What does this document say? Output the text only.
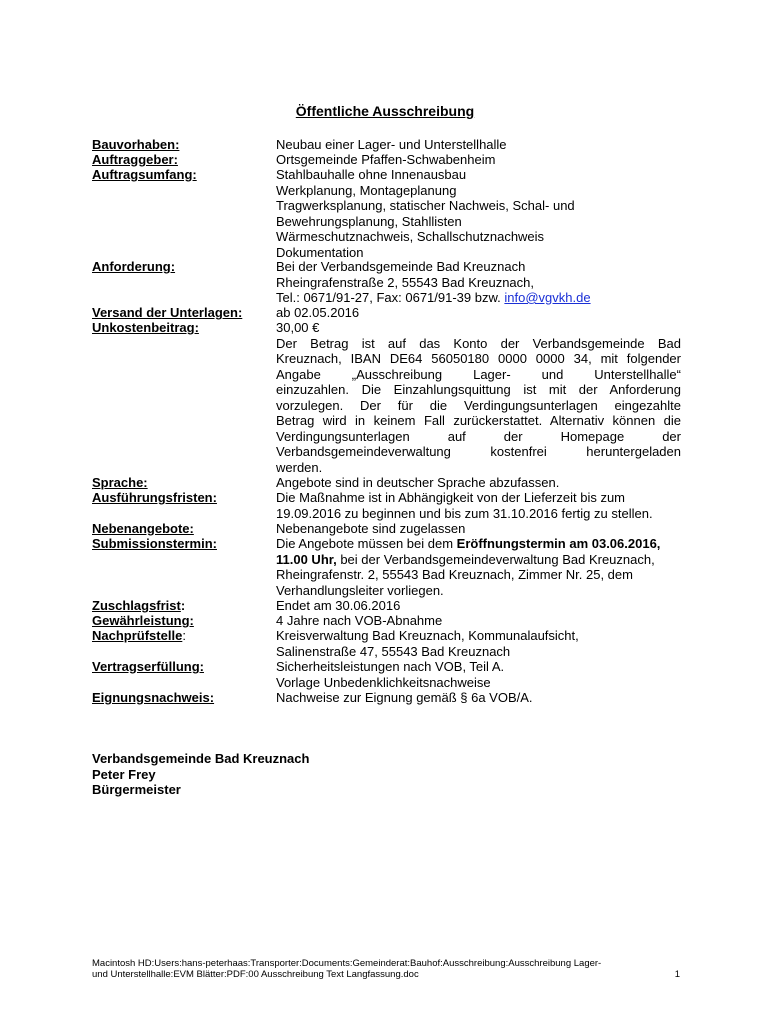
Öffentliche Ausschreibung
Bauvorhaben:	Neubau einer Lager- und Unterstellhalle
Auftraggeber:	Ortsgemeinde Pfaffen-Schwabenheim
Auftragsumfang:	Stahlbauhalle ohne Innenausbau
Werkplanung, Montageplanung
Tragwerksplanung, statischer Nachweis, Schal- und
Bewehrungsplanung, Stahllisten
Wärmeschutznachweis, Schallschutznachweis
Dokumentation
Anforderung:	Bei der Verbandsgemeinde Bad Kreuznach
Rheingrafenstraße 2, 55543 Bad Kreuznach,
Tel.: 0671/91-27, Fax: 0671/91-39 bzw. info@vgvkh.de
Versand der Unterlagen:	ab 02.05.2016
Unkostenbeitrag:	30,00 €
Der Betrag ist auf das Konto der Verbandsgemeinde Bad
Kreuznach, IBAN DE64 56050180 0000 0000 34, mit folgender
Angabe „Ausschreibung Lager- und Unterstellhalle“
einzuzahlen. Die Einzahlungsquittung ist mit der Anforderung
vorzulegen. Der für die Verdingungsunterlagen eingezahlte
Betrag wird in keinem Fall zurückerstattet. Alternativ können die
Verdingungsunterlagen auf der Homepage der
Verbandsgemeindeverwaltung kostenfrei heruntergeladen
werden.
Sprache:	Angebote sind in deutscher Sprache abzufassen.
Ausführungsfristen:	Die Maßnahme ist in Abhängigkeit von der Lieferzeit bis zum
19.09.2016 zu beginnen und bis zum 31.10.2016 fertig zu stellen.
Nebenangebote:	Nebenangebote sind zugelassen
Submissionstermin:	Die Angebote müssen bei dem Eröffnungstermin am 03.06.2016,
11.00 Uhr, bei der Verbandsgemeindeverwaltung Bad Kreuznach,
Rheingrafenstr. 2, 55543 Bad Kreuznach, Zimmer Nr. 25, dem
Verhandlungsleiter vorliegen.
Zuschlagsfrist:	Endet am 30.06.2016
Gewährleistung:	4 Jahre nach VOB-Abnahme
Nachprüfstelle:	Kreisverwaltung Bad Kreuznach, Kommunalaufsicht,
Salinenstraße 47, 55543 Bad Kreuznach
Vertragserfüllung:	Sicherheitsleistungen nach VOB, Teil A.
Vorlage Unbedenklichkeitsnachweise
Eignungsnachweis:	Nachweise zur Eignung gemäß § 6a VOB/A.
Verbandsgemeinde Bad Kreuznach
Peter Frey
Bürgermeister
Macintosh HD:Users:hans-peterhaas:Transporter:Documents:Gemeinderat:Bauhof:Ausschreibung:Ausschreibung Lager-
und Unterstellhalle:EVM Blätter:PDF:00 Ausschreibung Text Langfassung.doc	1
